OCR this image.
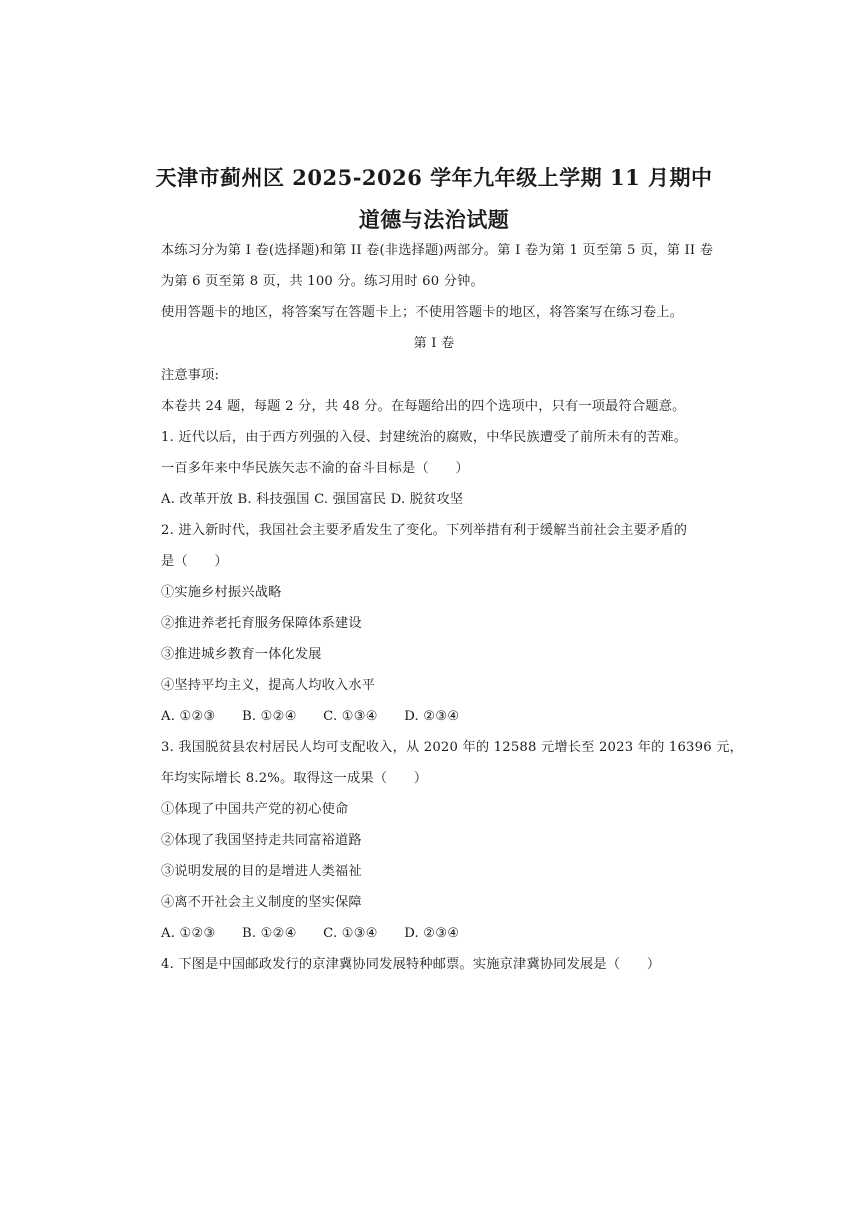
天津市蓟州区 2025-2026 学年九年级上学期 11 月期中
道德与法治试题
本练习分为第 I 卷(选择题)和第 II 卷(非选择题)两部分。第 I 卷为第 1 页至第 5 页，第 II 卷
为第 6 页至第 8 页，共 100 分。练习用时 60 分钟。
使用答题卡的地区，将答案写在答题卡上；不使用答题卡的地区，将答案写在练习卷上。
第 I 卷
注意事项:
本卷共 24 题，每题 2 分，共 48 分。在每题给出的四个选项中，只有一项最符合题意。
1. 近代以后，由于西方列强的入侵、封建统治的腐败，中华民族遭受了前所未有的苦难。
一百多年来中华民族矢志不渝的奋斗目标是（　　）
A. 改革开放 B. 科技强国 C. 强国富民 D. 脱贫攻坚
2. 进入新时代，我国社会主要矛盾发生了变化。下列举措有利于缓解当前社会主要矛盾的
是（　　）
①实施乡村振兴战略
②推进养老托育服务保障体系建设
③推进城乡教育一体化发展
④坚持平均主义，提高人均收入水平
A. ①②③ B. ①②④ C. ①③④ D. ②③④
3. 我国脱贫县农村居民人均可支配收入，从 2020 年的 12588 元增长至 2023 年的 16396 元，
年均实际增长 8.2%。取得这一成果（　　）
①体现了中国共产党的初心使命
②体现了我国坚持走共同富裕道路
③说明发展的目的是增进人类福祉
④离不开社会主义制度的坚实保障
A. ①②③ B. ①②④ C. ①③④ D. ②③④
4. 下图是中国邮政发行的京津冀协同发展特种邮票。实施京津冀协同发展是（　　）
